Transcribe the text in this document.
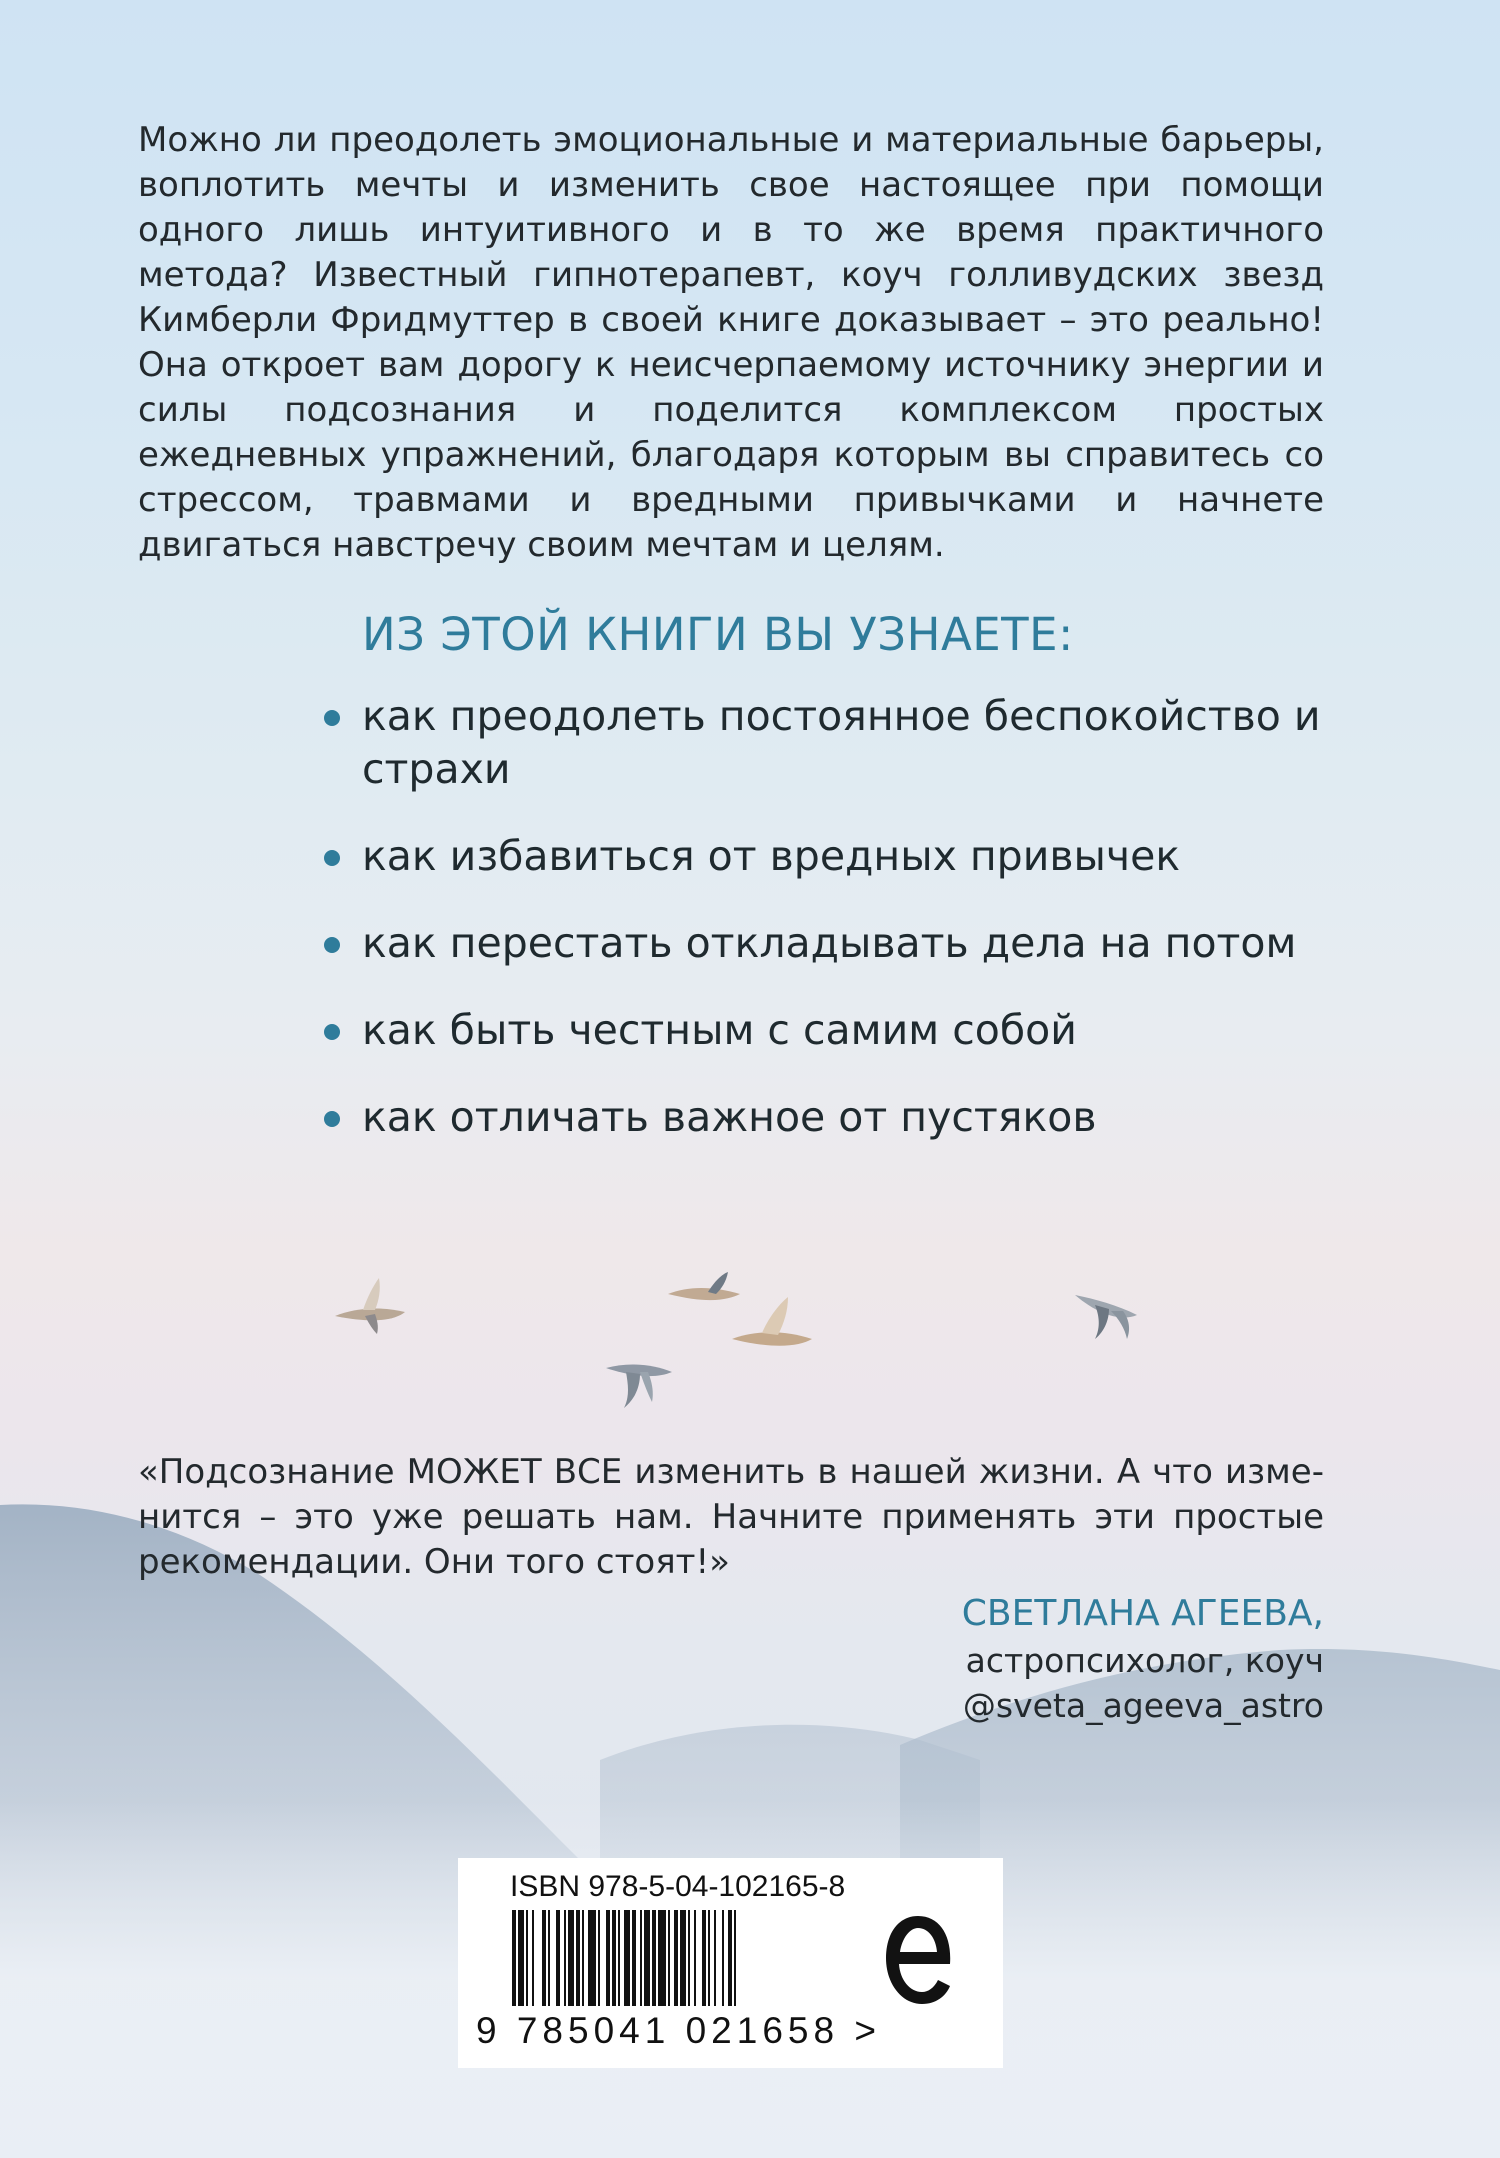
Можно ли преодолеть эмоциональные и материальные барьеры, воплотить мечты и изменить свое настоящее при помощи одного лишь интуитивного и в то же время практичного метода? Известный гипнотерапевт, коуч голливудских звезд Кимберли Фридмуттер в своей книге доказывает – это реально! Она откроет вам дорогу к неисчерпаемому источнику энергии и силы подсознания и поделится комплексом простых ежедневных упражнений, благодаря которым вы справитесь со стрессом, травмами и вредными привычками и начнете двигаться навстречу своим мечтам и целям.

ИЗ ЭТОЙ КНИГИ ВЫ УЗНАЕТЕ:
как преодолеть постоянное беспокойство и страхи
как избавиться от вредных привычек
как перестать откладывать дела на потом
как быть честным с самим собой
как отличать важное от пустяков

«Подсознание МОЖЕТ ВСЕ изменить в нашей жизни. А что изменится – это уже решать нам. Начните применять эти простые рекомендации. Они того стоят!»

СВЕТЛАНА АГЕЕВА,
астропсихолог, коуч
@sveta_ageeva_astro
ISBN 978-5-04-102165-8
9 785041 021658 >
